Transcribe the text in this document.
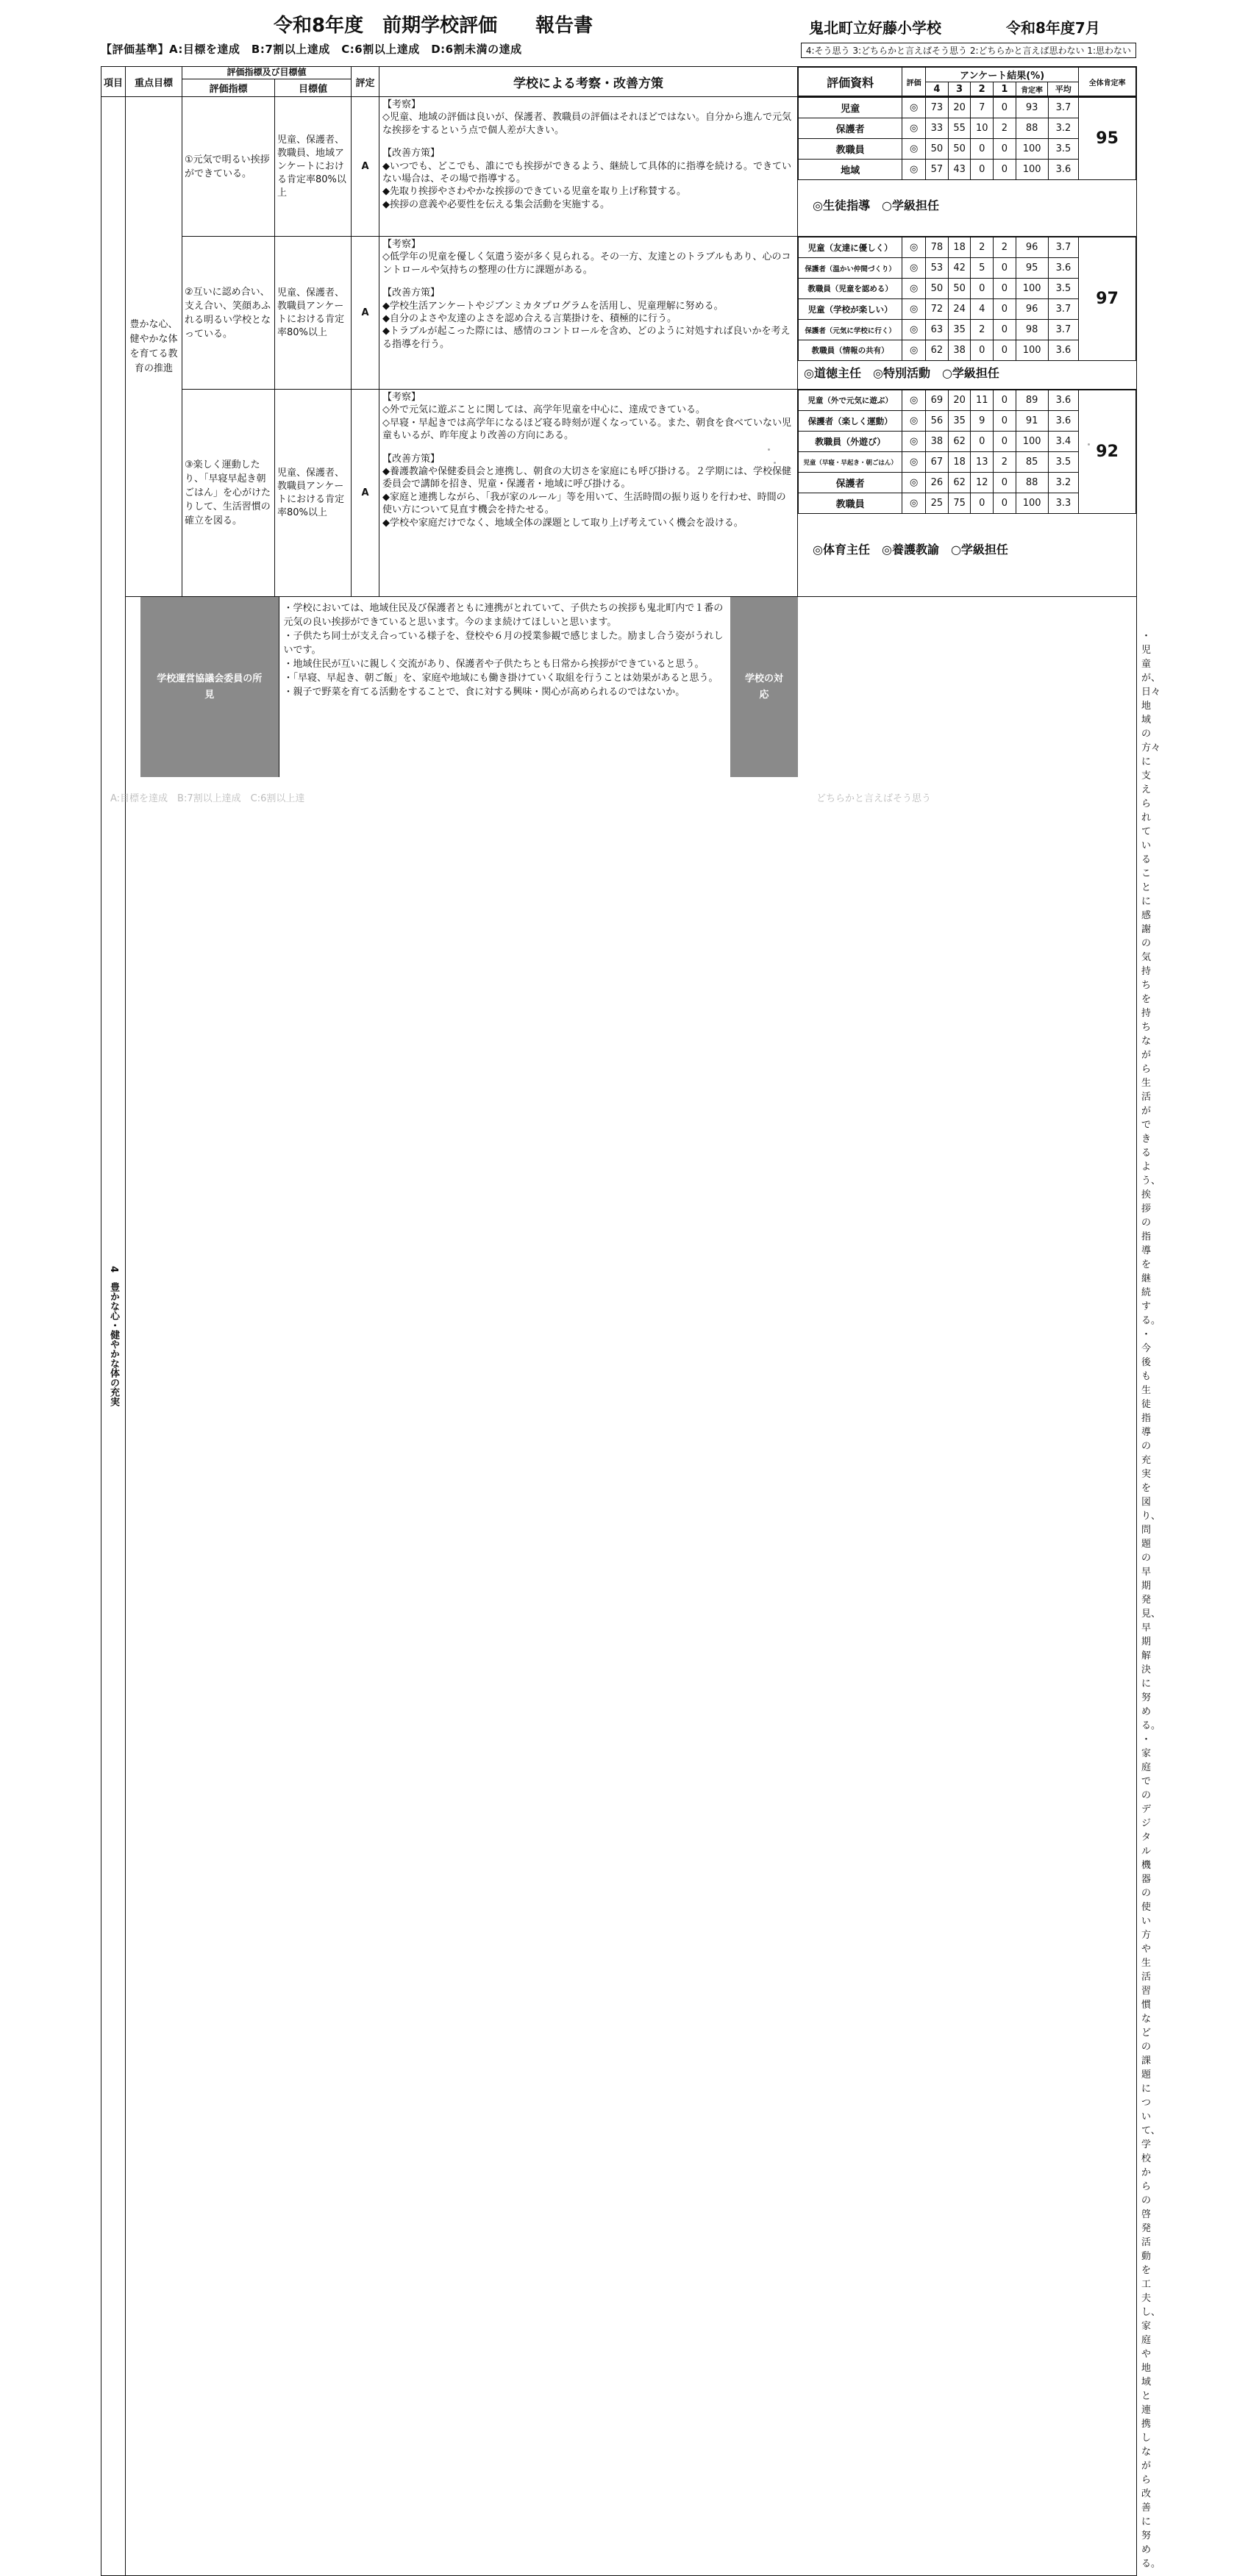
令和8年度　前期学校評価　　報告書	鬼北町立好藤小学校	令和8年度7月
【評価基準】A:目標を達成　B:7割以上達成　C:6割以上達成　D:6割未満の達成	4:そう思う 3:どちらかと言えばそう思う 2:どちらかと言えば思わない 1:思わない
項目	重点目標	評価指標及び目標値	評定	学校による考察・改善方策		評価資料	評価	アンケート結果(%)	全体肯定率
4	3	2	1	肯定率	平均

評価指標	目標値

4　豊かな心・健やかな体の充実
	豊かな心、健やかな体を育てる教育の推進	①元気で明るい挨拶ができている。	児童、保護者、教職員、地域アンケートにおける肯定率80%以上	A	

【考察】

◇児童、地域の評価は良いが、保護者、教職員の評価はそれほどではない。自分から進んで元気な挨拶をするという点で個人差が大きい。

【改善方策】

◆いつでも、どこでも、誰にでも挨拶ができるよう、継続して具体的に指導を続ける。できていない場合は、その場で指導する。
◆先取り挨拶やさわやかな挨拶のできている児童を取り上げ称賛する。
◆挨拶の意義や必要性を伝える集会活動を実施する。

児童	◎	73	20	7	0	93	3.7	95
保護者	◎	33	55	10	2	88	3.2
教職員	◎	50	50	0	0	100	3.5
地域	◎	57	43	0	0	100	3.6
◎生徒指導　○学級担任

②互いに認め合い、支え合い、笑顔あふれる明るい学校となっている。	児童、保護者、教職員アンケートにおける肯定率80%以上	A	

【考察】

◇低学年の児童を優しく気遣う姿が多く見られる。その一方、友達とのトラブルもあり、心のコントロールや気持ちの整理の仕方に課題がある。

【改善方策】

◆学校生活アンケートやジブンミカタプログラムを活用し、児童理解に努める。
◆自分のよさや友達のよさを認め合える言葉掛けを、積極的に行う。
◆トラブルが起こった際には、感情のコントロールを含め、どのように対処すれば良いかを考える指導を行う。

児童（友達に優しく）	◎	78	18	2	2	96	3.7	97
保護者（温かい仲間づくり）	◎	53	42	5	0	95	3.6
教職員（児童を認める）	◎	50	50	0	0	100	3.5
児童（学校が楽しい）	◎	72	24	4	0	96	3.7
保護者（元気に学校に行く）	◎	63	35	2	0	98	3.7
教職員（情報の共有）	◎	62	38	0	0	100	3.6
◎道徳主任　◎特別活動　○学級担任

③楽しく運動したり、「早寝早起き朝ごはん」を心がけたりして、生活習慣の確立を図る。	児童、保護者、教職員アンケートにおける肯定率80%以上	A	

【考察】

◇外で元気に遊ぶことに関しては、高学年児童を中心に、達成できている。
◇早寝・早起きでは高学年になるほど寝る時刻が遅くなっている。また、朝食を食べていない児童もいるが、昨年度より改善の方向にある。

【改善方策】

◆養護教諭や保健委員会と連携し、朝食の大切さを家庭にも呼び掛ける。２学期には、学校保健委員会で講師を招き、児童・保護者・地域に呼び掛ける。
◆家庭と連携しながら、「我が家のルール」等を用いて、生活時間の振り返りを行わせ、時間の使い方について見直す機会を持たせる。
◆学校や家庭だけでなく、地域全体の課題として取り上げ考えていく機会を設ける。

児童（外で元気に遊ぶ）	◎	69	20	11	0	89	3.6	92
保護者（楽しく運動）	◎	56	35	9	0	91	3.6
教職員（外遊び）	◎	38	62	0	0	100	3.4
児童（早寝・早起き・朝ごはん）	◎	67	18	13	2	85	3.5
保護者	◎	26	62	12	0	88	3.2
教職員	◎	25	75	0	0	100	3.3
◎体育主任　◎養護教諭　○学級担任

	学校運営協議会委員の所見	

・学校においては、地域住民及び保護者ともに連携がとれていて、子供たちの挨拶も鬼北町内で１番の元気の良い挨拶ができていると思います。今のまま続けてほしいと思います。

・子供たち同士が支え合っている様子を、登校や６月の授業参観で感じました。励まし合う姿がうれしいです。

・地域住民が互いに親しく交流があり、保護者や子供たちとも日常から挨拶ができていると思う。

・「早寝、早起き、朝ご飯」を、家庭や地域にも働き掛けていく取組を行うことは効果があると思う。

・親子で野菜を育てる活動をすることで、食に対する興味・関心が高められるのではないか。

	学校の対応	

・児童が、日々地域の方々に支えられていることに感謝の気持ちを持ちながら生活ができるよう、挨拶の指導を継続する。

・今後も生徒指導の充実を図り、問題の早期発見、早期解決に努める。

・家庭でのデジタル機器の使い方や生活習慣などの課題について、学校からの啓発活動を工夫し、家庭や地域と連携しながら改善に努める。

A:目標を達成　B:7割以上達成　C:6割以上達	どちらかと言えばそう思う
